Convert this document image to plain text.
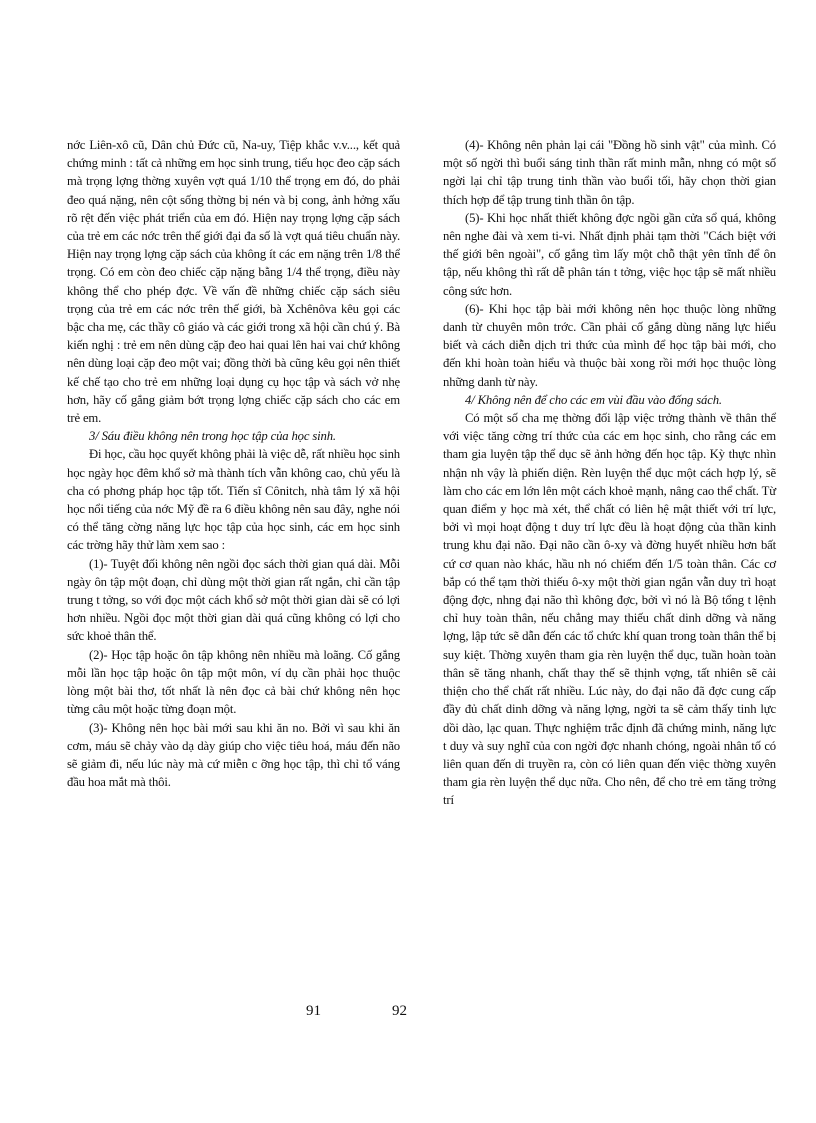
nớc Liên-xô cũ, Dân chủ Đức cũ, Na-uy, Tiệp khắc v.v..., kết quả chứng minh : tất cả những em học sinh trung, tiểu học đeo cặp sách mà trọng lợng thờng xuyên vợt quá 1/10 thể trọng em đó, do phải đeo quá nặng, nên cột sống thờng bị nén và bị cong, ảnh hởng xấu rõ rệt đến việc phát triển của em đó. Hiện nay trọng lợng cặp sách của trẻ em các nớc trên thế giới đại đa số là vợt quá tiêu chuẩn này. Hiện nay trọng lợng cặp sách của không ít các em nặng trên 1/8 thể trọng. Có em còn đeo chiếc cặp nặng bằng 1/4 thể trọng, điều này không thể cho phép đợc. Về vấn đề những chiếc cặp sách siêu trọng của trẻ em các nớc trên thế giới, bà Xchênôva kêu gọi các bậc cha mẹ, các thầy cô giáo và các giới trong xã hội cần chú ý. Bà kiến nghị : trẻ em nên dùng cặp đeo hai quai lên hai vai chứ không nên dùng loại cặp đeo một vai; đồng thời bà cũng kêu gọi nên thiết kế chế tạo cho trẻ em những loại dụng cụ học tập và sách vở nhẹ hơn, hãy cố gắng giảm bớt trọng lợng chiếc cặp sách cho các em trẻ em.

3/ Sáu điều không nên trong học tập của học sinh.

Đi học, cầu học quyết không phải là việc dễ, rất nhiều học sinh học ngày học đêm khổ sở mà thành tích vẫn không cao, chủ yếu là cha có phơng pháp học tập tốt. Tiến sĩ Cônitch, nhà tâm lý xã hội học nổi tiếng của nớc Mỹ đề ra 6 điều không nên sau đây, nghe nói có thể tăng cờng năng lực học tập của học sinh, các em học sinh các trờng hãy thử làm xem sao :

(1)- Tuyệt đối không nên ngồi đọc sách thời gian quá dài. Mỗi ngày ôn tập một đoạn, chỉ dùng một thời gian rất ngắn, chỉ cần tập trung t tởng, so với đọc một cách khổ sở một thời gian dài sẽ có lợi hơn nhiều. Ngồi đọc một thời gian dài quá cũng không có lợi cho sức khoẻ thân thể.

(2)- Học tập hoặc ôn tập không nên nhiều mà loãng. Cố gắng mỗi lần học tập hoặc ôn tập một môn, ví dụ cần phải học thuộc lòng một bài thơ, tốt nhất là nên đọc cả bài chứ không nên học từng câu một hoặc từng đoạn một.

(3)- Không nên học bài mới sau khi ăn no. Bởi vì sau khi ăn cơm, máu sẽ chảy vào dạ dày giúp cho việc tiêu hoá, máu đến não sẽ giảm đi, nếu lúc này mà cứ miễn c ỡng học tập, thì chỉ tổ váng đầu hoa mắt mà thôi.

(4)- Không nên phản lại cái "Đồng hồ sinh vật" của mình. Có một số ngời thì buổi sáng tinh thần rất minh mẫn, nhng có một số ngời lại chỉ tập trung tinh thần vào buổi tối, hãy chọn thời gian thích hợp để tập trung tinh thần ôn tập.

(5)- Khi học nhất thiết không đợc ngồi gần cửa sổ quá, không nên nghe đài và xem ti-vi. Nhất định phải tạm thời "Cách biệt với thế giới bên ngoài", cố gắng tìm lấy một chỗ thật yên tĩnh để ôn tập, nếu không thì rất dễ phân tán t tởng, việc học tập sẽ mất nhiều công sức hơn.

(6)- Khi học tập bài mới không nên học thuộc lòng những danh từ chuyên môn trớc. Cần phải cố gắng dùng năng lực hiểu biết và cách diễn dịch tri thức của mình để học tập bài mới, cho đến khi hoàn toàn hiểu và thuộc bài xong rồi mới học thuộc lòng những danh từ này.

4/ Không nên để cho các em vùi đầu vào đống sách.

Có một số cha mẹ thờng đối lập việc trởng thành về thân thể với việc tăng cờng trí thức của các em học sinh, cho rằng các em tham gia luyện tập thể dục sẽ ảnh hởng đến học tập. Kỳ thực nhìn nhận nh vậy là phiến diện. Rèn luyện thể dục một cách hợp lý, sẽ làm cho các em lớn lên một cách khoẻ mạnh, nâng cao thể chất. Từ quan điểm y học mà xét, thể chất có liên hệ mật thiết với trí lực, bởi vì mọi hoạt động t duy trí lực đều là hoạt động của thần kinh trung khu đại não. Đại não cần ô-xy và đờng huyết nhiều hơn bất cứ cơ quan nào khác, hầu nh nó chiếm đến 1/5 toàn thân. Các cơ bắp có thể tạm thời thiếu ô-xy một thời gian ngắn vẫn duy trì hoạt động đợc, nhng đại não thì không đợc, bởi vì nó là Bộ tổng t lệnh chỉ huy toàn thân, nếu chẳng may thiếu chất dinh dỡng và năng lợng, lập tức sẽ dẫn đến các tổ chức khí quan trong toàn thân thể bị suy kiệt. Thờng xuyên tham gia rèn luyện thể dục, tuần hoàn toàn thân sẽ tăng nhanh, chất thay thế sẽ thịnh vợng, tất nhiên sẽ cải thiện cho thể chất rất nhiều. Lúc này, do đại não đã đợc cung cấp đầy đủ chất dinh dỡng và năng lợng, ngời ta sẽ cảm thấy tinh lực dồi dào, lạc quan. Thực nghiệm trắc định đã chứng minh, năng lực t duy và suy nghĩ của con ngời đợc nhanh chóng, ngoài nhân tố có liên quan đến di truyền ra, còn có liên quan đến việc thờng xuyên tham gia rèn luyện thể dục nữa. Cho nên, để cho trẻ em tăng trởng trí

91	92
